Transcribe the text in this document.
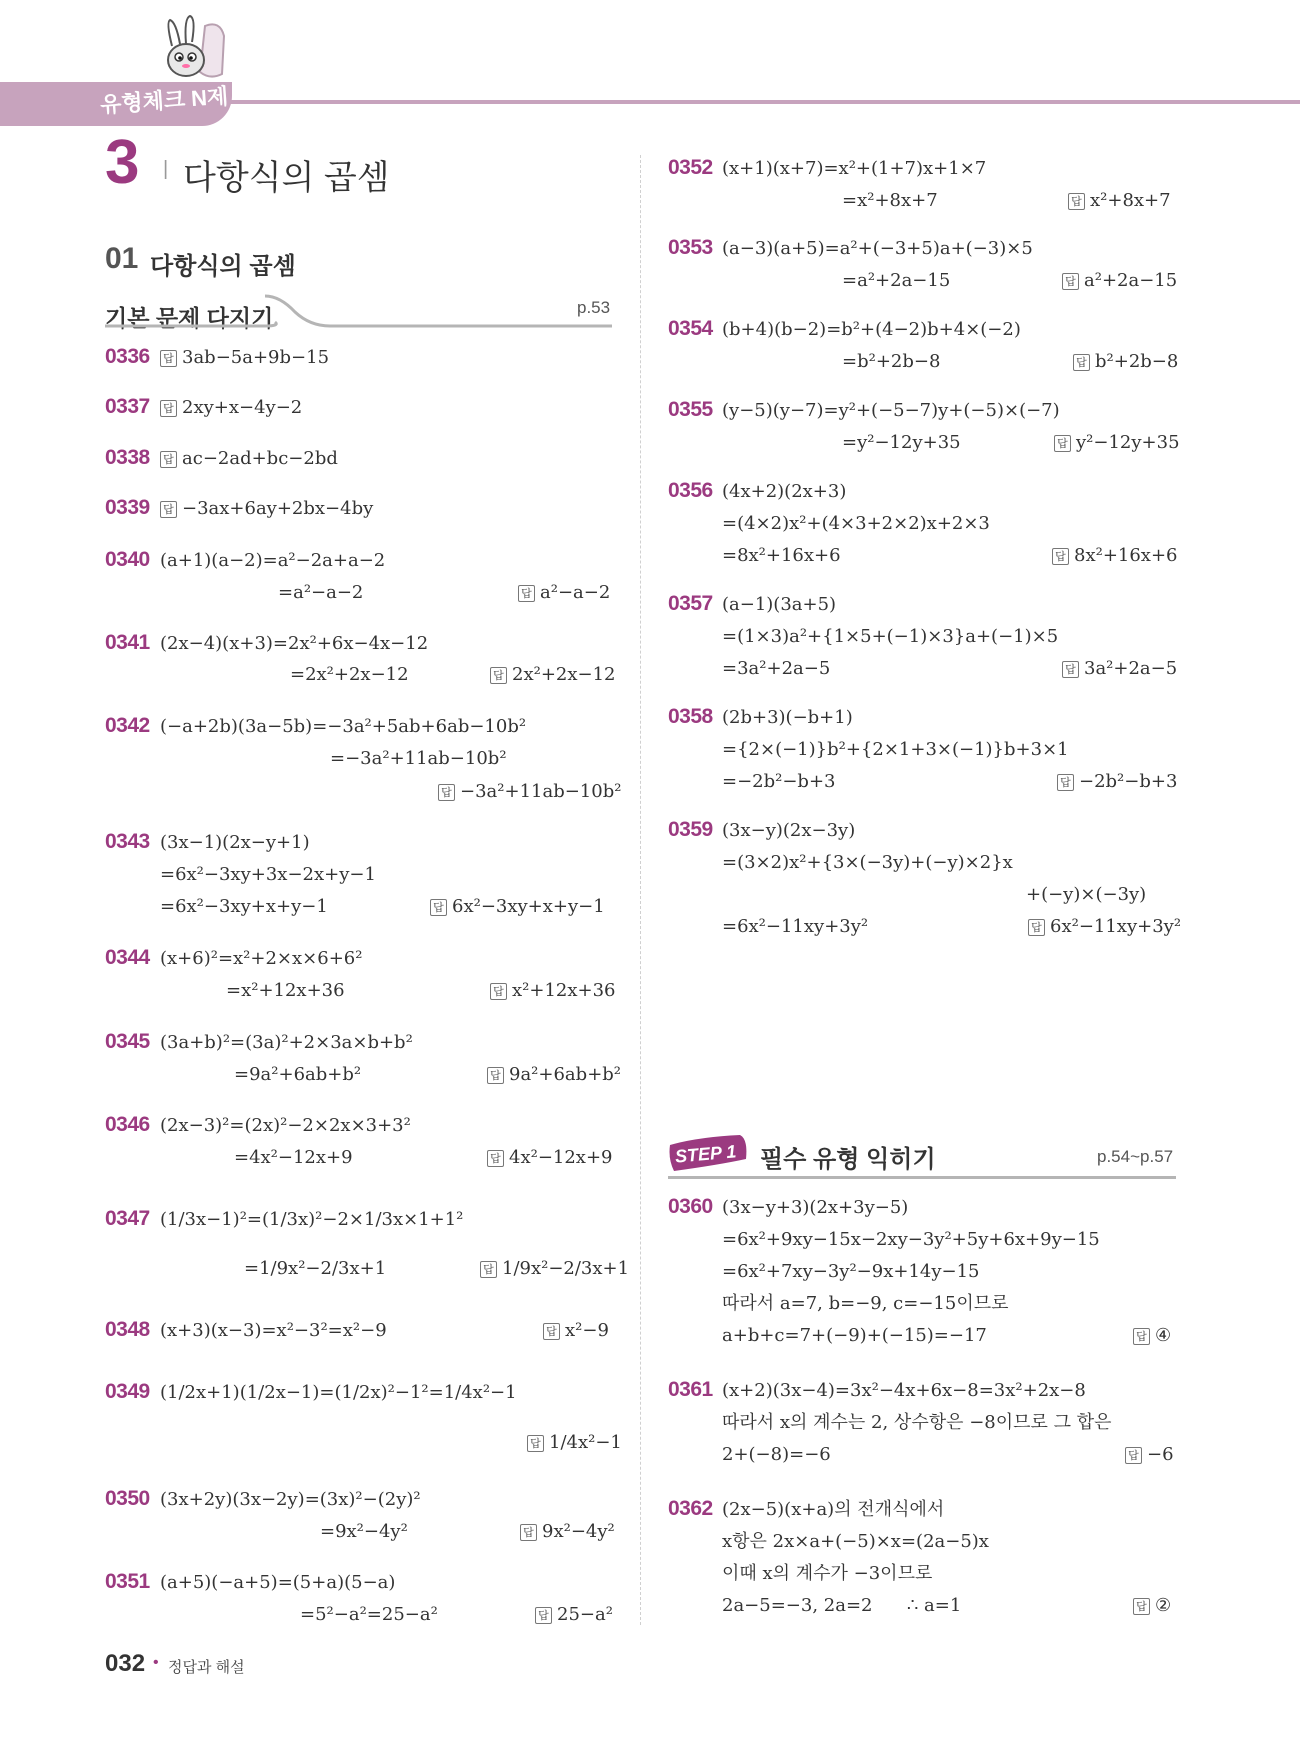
유형체크 N제
3 | 다항식의 곱셈
01 다항식의 곱셈
기본 문제 다지기	p.53
0336 답 3ab−5a+9b−15
0337 답 2xy+x−4y−2
0338 답 ac−2ad+bc−2bd
0339 답 −3ax+6ay+2bx−4by
0340 (a+1)(a−2)=a²−2a+a−2
=a²−a−2	답 a²−a−2
0341 (2x−4)(x+3)=2x²+6x−4x−12
=2x²+2x−12	답 2x²+2x−12
0342 (−a+2b)(3a−5b)=−3a²+5ab+6ab−10b²
=−3a²+11ab−10b²
답 −3a²+11ab−10b²
0343 (3x−1)(2x−y+1)
=6x²−3xy+3x−2x+y−1
=6x²−3xy+x+y−1	답 6x²−3xy+x+y−1
0344 (x+6)²=x²+2×x×6+6²
=x²+12x+36	답 x²+12x+36
0345 (3a+b)²=(3a)²+2×3a×b+b²
=9a²+6ab+b²	답 9a²+6ab+b²
0346 (2x−3)²=(2x)²−2×2x×3+3²
=4x²−12x+9	답 4x²−12x+9
0347 (1/3x−1)²=(1/3x)²−2×1/3x×1+1²
=1/9x²−2/3x+1	답 1/9x²−2/3x+1
0348 (x+3)(x−3)=x²−3²=x²−9	답 x²−9
0349 (1/2x+1)(1/2x−1)=(1/2x)²−1²=1/4x²−1
답 1/4x²−1
0350 (3x+2y)(3x−2y)=(3x)²−(2y)²
=9x²−4y²	답 9x²−4y²
0351 (a+5)(−a+5)=(5+a)(5−a)
=5²−a²=25−a²	답 25−a²
0352 (x+1)(x+7)=x²+(1+7)x+1×7
=x²+8x+7	답 x²+8x+7
0353 (a−3)(a+5)=a²+(−3+5)a+(−3)×5
=a²+2a−15	답 a²+2a−15
0354 (b+4)(b−2)=b²+(4−2)b+4×(−2)
=b²+2b−8	답 b²+2b−8
0355 (y−5)(y−7)=y²+(−5−7)y+(−5)×(−7)
=y²−12y+35	답 y²−12y+35
0356 (4x+2)(2x+3)
=(4×2)x²+(4×3+2×2)x+2×3
=8x²+16x+6	답 8x²+16x+6
0357 (a−1)(3a+5)
=(1×3)a²+{1×5+(−1)×3}a+(−1)×5
=3a²+2a−5	답 3a²+2a−5
0358 (2b+3)(−b+1)
={2×(−1)}b²+{2×1+3×(−1)}b+3×1
=−2b²−b+3	답 −2b²−b+3
0359 (3x−y)(2x−3y)
=(3×2)x²+{3×(−3y)+(−y)×2}x
+(−y)×(−3y)
=6x²−11xy+3y²	답 6x²−11xy+3y²
STEP 1 필수 유형 익히기	p.54~p.57
0360 (3x−y+3)(2x+3y−5)
=6x²+9xy−15x−2xy−3y²+5y+6x+9y−15
=6x²+7xy−3y²−9x+14y−15
따라서 a=7, b=−9, c=−15이므로
a+b+c=7+(−9)+(−15)=−17	답 ④
0361 (x+2)(3x−4)=3x²−4x+6x−8=3x²+2x−8
따라서 x의 계수는 2, 상수항은 −8이므로 그 합은
2+(−8)=−6	답 −6
0362 (2x−5)(x+a)의 전개식에서
x항은 2x×a+(−5)×x=(2a−5)x
이때 x의 계수가 −3이므로
2a−5=−3, 2a=2      ∴ a=1	답 ②
032 • 정답과 해설
